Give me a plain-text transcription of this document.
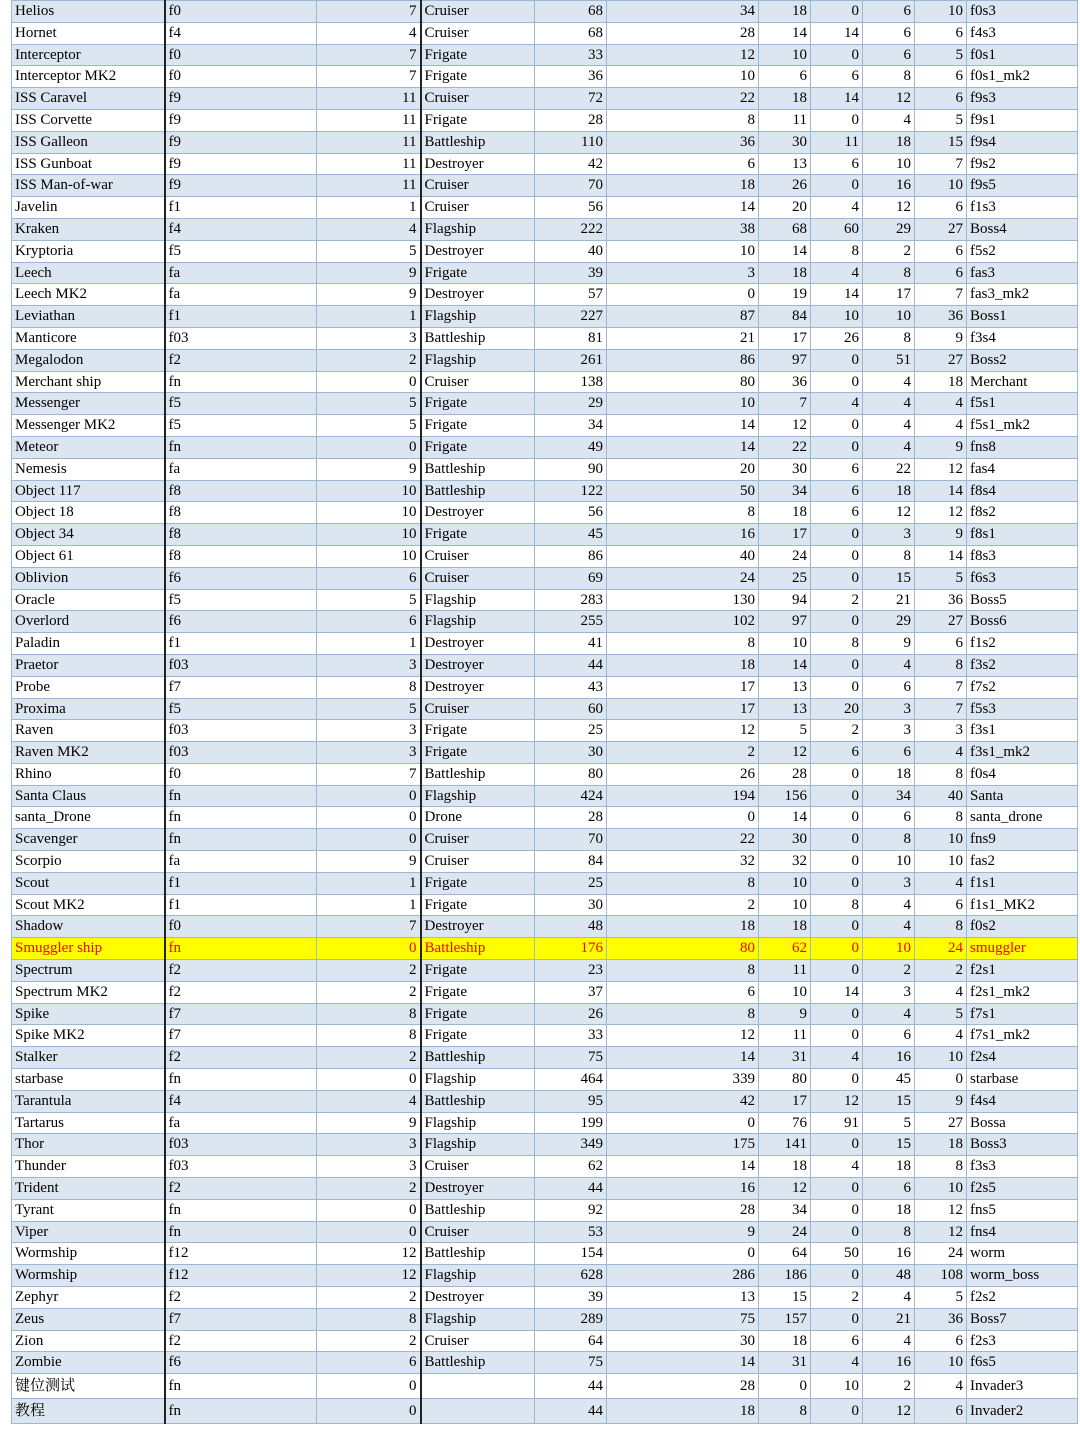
Helios	f0	7	Cruiser	68	34	18	0	6	10	f0s3
Hornet	f4	4	Cruiser	68	28	14	14	6	6	f4s3
Interceptor	f0	7	Frigate	33	12	10	0	6	5	f0s1
Interceptor MK2	f0	7	Frigate	36	10	6	6	8	6	f0s1_mk2
ISS Caravel	f9	11	Cruiser	72	22	18	14	12	6	f9s3
ISS Corvette	f9	11	Frigate	28	8	11	0	4	5	f9s1
ISS Galleon	f9	11	Battleship	110	36	30	11	18	15	f9s4
ISS Gunboat	f9	11	Destroyer	42	6	13	6	10	7	f9s2
ISS Man-of-war	f9	11	Cruiser	70	18	26	0	16	10	f9s5
Javelin	f1	1	Cruiser	56	14	20	4	12	6	f1s3
Kraken	f4	4	Flagship	222	38	68	60	29	27	Boss4
Kryptoria	f5	5	Destroyer	40	10	14	8	2	6	f5s2
Leech	fa	9	Frigate	39	3	18	4	8	6	fas3
Leech MK2	fa	9	Destroyer	57	0	19	14	17	7	fas3_mk2
Leviathan	f1	1	Flagship	227	87	84	10	10	36	Boss1
Manticore	f03	3	Battleship	81	21	17	26	8	9	f3s4
Megalodon	f2	2	Flagship	261	86	97	0	51	27	Boss2
Merchant ship	fn	0	Cruiser	138	80	36	0	4	18	Merchant
Messenger	f5	5	Frigate	29	10	7	4	4	4	f5s1
Messenger MK2	f5	5	Frigate	34	14	12	0	4	4	f5s1_mk2
Meteor	fn	0	Frigate	49	14	22	0	4	9	fns8
Nemesis	fa	9	Battleship	90	20	30	6	22	12	fas4
Object 117	f8	10	Battleship	122	50	34	6	18	14	f8s4
Object 18	f8	10	Destroyer	56	8	18	6	12	12	f8s2
Object 34	f8	10	Frigate	45	16	17	0	3	9	f8s1
Object 61	f8	10	Cruiser	86	40	24	0	8	14	f8s3
Oblivion	f6	6	Cruiser	69	24	25	0	15	5	f6s3
Oracle	f5	5	Flagship	283	130	94	2	21	36	Boss5
Overlord	f6	6	Flagship	255	102	97	0	29	27	Boss6
Paladin	f1	1	Destroyer	41	8	10	8	9	6	f1s2
Praetor	f03	3	Destroyer	44	18	14	0	4	8	f3s2
Probe	f7	8	Destroyer	43	17	13	0	6	7	f7s2
Proxima	f5	5	Cruiser	60	17	13	20	3	7	f5s3
Raven	f03	3	Frigate	25	12	5	2	3	3	f3s1
Raven MK2	f03	3	Frigate	30	2	12	6	6	4	f3s1_mk2
Rhino	f0	7	Battleship	80	26	28	0	18	8	f0s4
Santa Claus	fn	0	Flagship	424	194	156	0	34	40	Santa
santa_Drone	fn	0	Drone	28	0	14	0	6	8	santa_drone
Scavenger	fn	0	Cruiser	70	22	30	0	8	10	fns9
Scorpio	fa	9	Cruiser	84	32	32	0	10	10	fas2
Scout	f1	1	Frigate	25	8	10	0	3	4	f1s1
Scout MK2	f1	1	Frigate	30	2	10	8	4	6	f1s1_MK2
Shadow	f0	7	Destroyer	48	18	18	0	4	8	f0s2
Smuggler ship	fn	0	Battleship	176	80	62	0	10	24	smuggler
Spectrum	f2	2	Frigate	23	8	11	0	2	2	f2s1
Spectrum MK2	f2	2	Frigate	37	6	10	14	3	4	f2s1_mk2
Spike	f7	8	Frigate	26	8	9	0	4	5	f7s1
Spike MK2	f7	8	Frigate	33	12	11	0	6	4	f7s1_mk2
Stalker	f2	2	Battleship	75	14	31	4	16	10	f2s4
starbase	fn	0	Flagship	464	339	80	0	45	0	starbase
Tarantula	f4	4	Battleship	95	42	17	12	15	9	f4s4
Tartarus	fa	9	Flagship	199	0	76	91	5	27	Bossa
Thor	f03	3	Flagship	349	175	141	0	15	18	Boss3
Thunder	f03	3	Cruiser	62	14	18	4	18	8	f3s3
Trident	f2	2	Destroyer	44	16	12	0	6	10	f2s5
Tyrant	fn	0	Battleship	92	28	34	0	18	12	fns5
Viper	fn	0	Cruiser	53	9	24	0	8	12	fns4
Wormship	f12	12	Battleship	154	0	64	50	16	24	worm
Wormship	f12	12	Flagship	628	286	186	0	48	108	worm_boss
Zephyr	f2	2	Destroyer	39	13	15	2	4	5	f2s2
Zeus	f7	8	Flagship	289	75	157	0	21	36	Boss7
Zion	f2	2	Cruiser	64	30	18	6	4	6	f2s3
Zombie	f6	6	Battleship	75	14	31	4	16	10	f6s5
键位测试	fn	0		44	28	0	10	2	4	Invader3
教程	fn	0		44	18	8	0	12	6	Invader2
